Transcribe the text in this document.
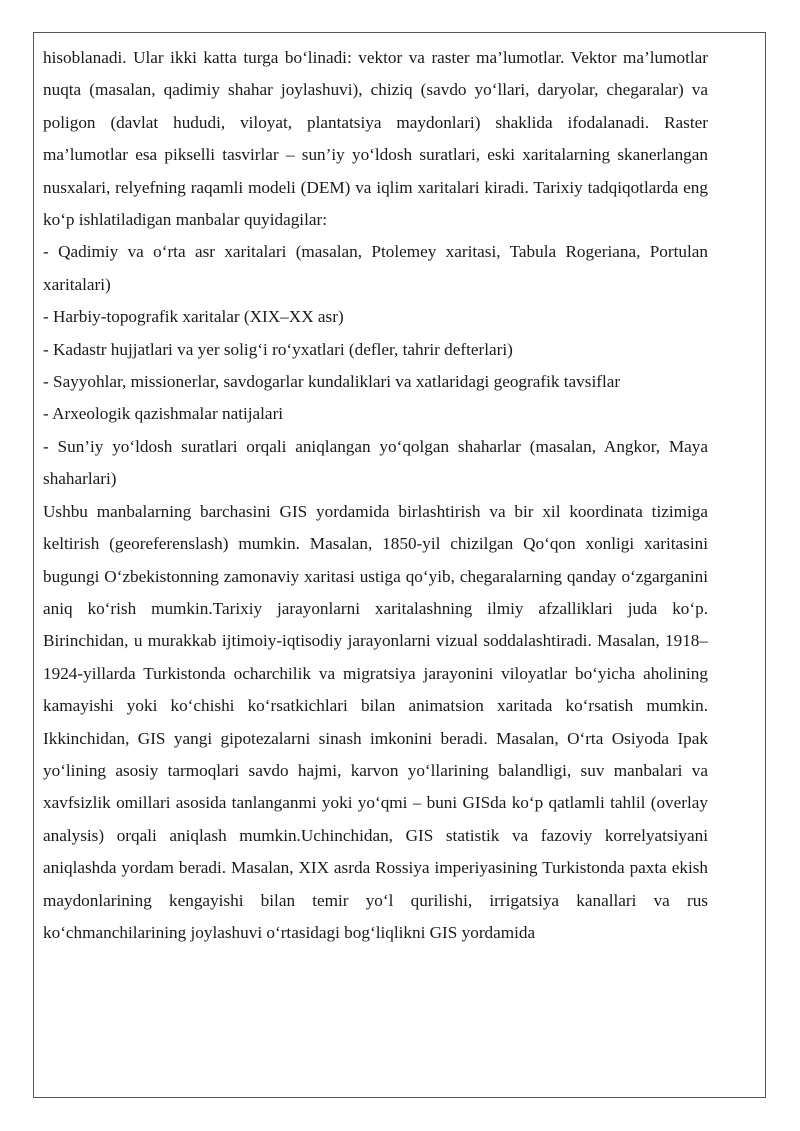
hisoblanadi. Ular ikki katta turga bo‘linadi: vektor va raster ma’lumotlar. Vektor ma’lumotlar nuqta (masalan, qadimiy shahar joylashuvi), chiziq (savdo yo‘llari, daryolar, chegaralar) va poligon (davlat hududi, viloyat, plantatsiya maydonlari) shaklida ifodalanadi. Raster ma’lumotlar esa pikselli tasvirlar – sun’iy yo‘ldosh suratlari, eski xaritalarning skanerlangan nusxalari, relyefning raqamli modeli (DEM) va iqlim xaritalari kiradi. Tarixiy tadqiqotlarda eng ko‘p ishlatiladigan manbalar quyidagilar:

- Qadimiy va o‘rta asr xaritalari (masalan, Ptolemey xaritasi, Tabula Rogeriana, Portulan xaritalari)

- Harbiy-topografik xaritalar (XIX–XX asr)

- Kadastr hujjatlari va yer solig‘i ro‘yxatlari (defler, tahrir defterlari)

- Sayyohlar, missionerlar, savdogarlar kundaliklari va xatlaridagi geografik tavsiflar

- Arxeologik qazishmalar natijalari

- Sun’iy yo‘ldosh suratlari orqali aniqlangan yo‘qolgan shaharlar (masalan, Angkor, Maya shaharlari)

Ushbu manbalarning barchasini GIS yordamida birlashtirish va bir xil koordinata tizimiga keltirish (georeferenslash) mumkin. Masalan, 1850-yil chizilgan Qo‘qon xonligi xaritasini bugungi O‘zbekistonning zamonaviy xaritasi ustiga qo‘yib, chegaralarning qanday o‘zgarganini aniq ko‘rish mumkin.Tarixiy jarayonlarni xaritalashning ilmiy afzalliklari juda ko‘p. Birinchidan, u murakkab ijtimoiy-iqtisodiy jarayonlarni vizual soddalashtiradi. Masalan, 1918–1924-yillarda Turkistonda ocharchilik va migratsiya jarayonini viloyatlar bo‘yicha aholining kamayishi yoki ko‘chishi ko‘rsatkichlari bilan animatsion xaritada ko‘rsatish mumkin. Ikkinchidan, GIS yangi gipotezalarni sinash imkonini beradi. Masalan, O‘rta Osiyoda Ipak yo‘lining asosiy tarmoqlari savdo hajmi, karvon yo‘llarining balandligi, suv manbalari va xavfsizlik omillari asosida tanlanganmi yoki yo‘qmi – buni GISda ko‘p qatlamli tahlil (overlay analysis) orqali aniqlash mumkin.Uchinchidan, GIS statistik va fazoviy korrelyatsiyani aniqlashda yordam beradi. Masalan, XIX asrda Rossiya imperiyasining Turkistonda paxta ekish maydonlarining kengayishi bilan temir yo‘l qurilishi, irrigatsiya kanallari va rus ko‘chmanchilarining joylashuvi o‘rtasidagi bog‘liqlikni GIS yordamida
